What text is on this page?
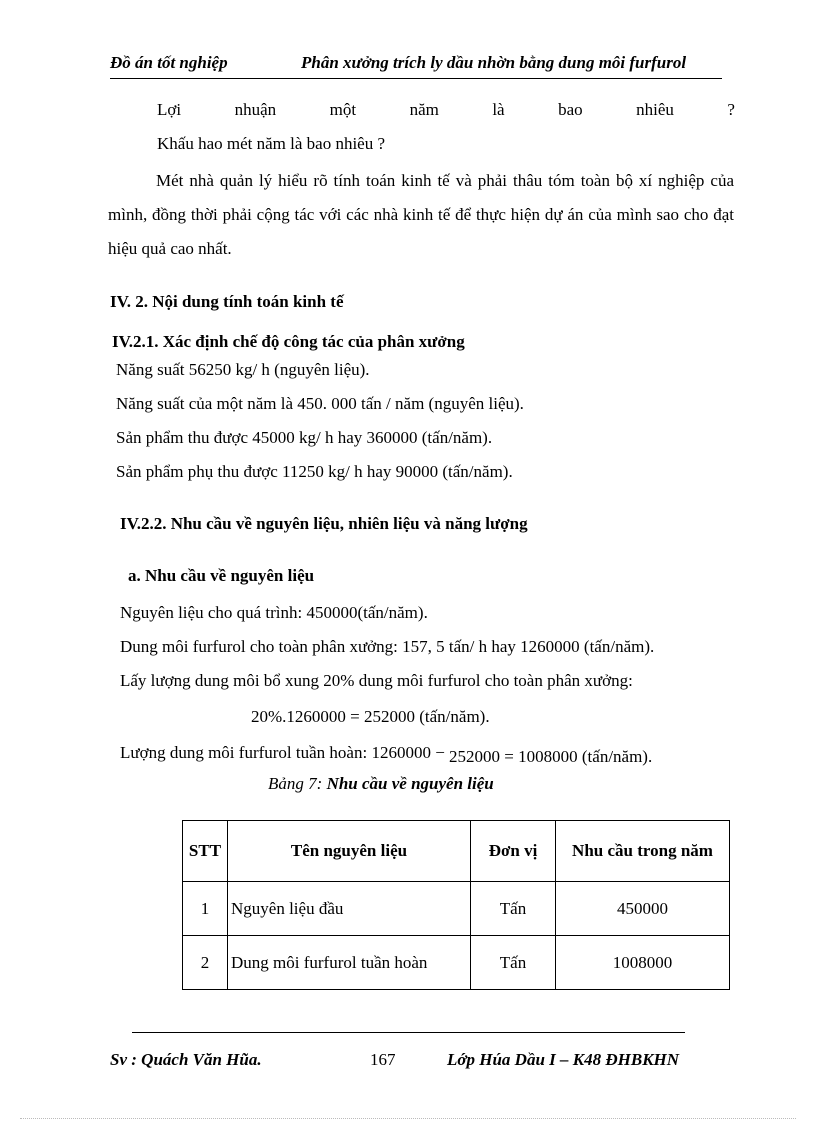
Đồ án tốt nghiệp	Phân xưởng trích ly dầu nhờn bằng dung môi furfurol
Lợi	nhuận	một	năm	là	bao	nhiêu	?
Khấu hao mét năm là bao nhiêu ?
Mét nhà quản lý hiểu rõ tính toán kinh tế và phải thâu tóm toàn bộ xí nghiệp của mình, đồng thời phải cộng tác với các nhà kinh tế để thực hiện dự án của mình sao cho đạt hiệu quả cao nhất.
IV. 2. Nội dung tính toán kinh tế
IV.2.1. Xác định chế độ công tác của phân xưởng
Năng suất 56250 kg/ h (nguyên liệu).
Năng suất của một năm là 450. 000 tấn / năm (nguyên liệu).
Sản phẩm thu được 45000 kg/ h hay 360000 (tấn/năm).
Sản phẩm phụ thu được 11250 kg/ h hay 90000 (tấn/năm).
IV.2.2. Nhu cầu về nguyên liệu, nhiên liệu và năng lượng
a. Nhu cầu về nguyên liệu
Nguyên liệu cho quá trình: 450000(tấn/năm).
Dung môi furfurol cho toàn phân xưởng: 157, 5 tấn/ h hay 1260000 (tấn/năm).
Lấy lượng dung môi bổ xung 20% dung môi furfurol cho toàn phân xưởng:
20%.1260000 = 252000 (tấn/năm).
Lượng dung môi furfurol tuần hoàn: 1260000 − 252000 = 1008000 (tấn/năm).
Bảng 7: Nhu cầu về nguyên liệu
STT	Tên nguyên liệu	Đơn vị	Nhu cầu trong năm
1	Nguyên liệu đầu	Tấn	450000
2	Dung môi furfurol tuần hoàn	Tấn	1008000
Sv : Quách Văn Hũa.	167	Lớp Húa Dầu I – K48 ĐHBKHN
